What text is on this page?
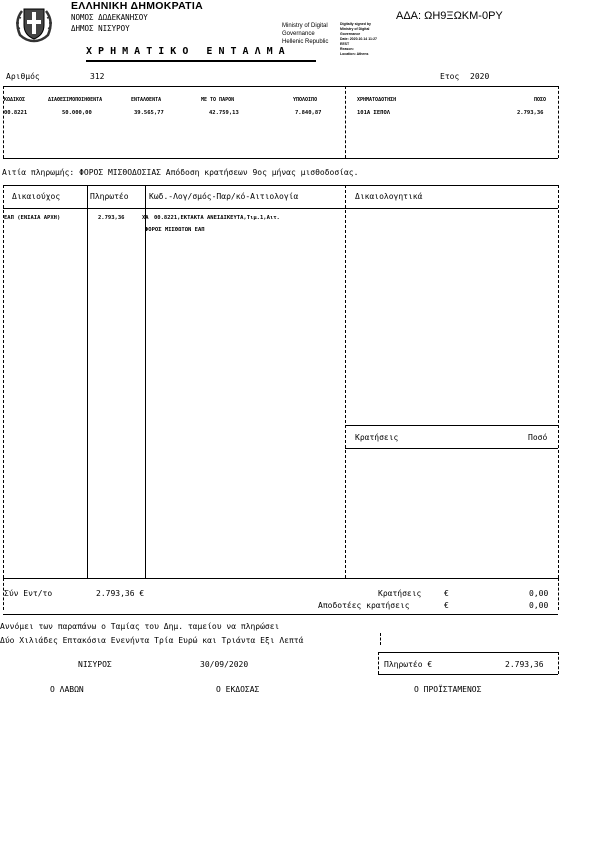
ΕΛΛΗΝΙΚΗ ΔΗΜΟΚΡΑΤΙΑ
ΝΟΜΟΣ ΔΩΔΕΚΑΝΗΣΟΥ
ΔΗΜΟΣ ΝΙΣΥΡΟΥ
Χ Ρ Η Μ Α Τ Ι Κ Ο   Ε Ν Τ Α Λ Μ Α
ΑΔΑ: ΩΗ9ΞΩΚΜ-0ΡΥ
Ministry of Digital
Governance
Hellenic Republic
Digitally signed by
Ministry of Digital
Governance
Date: 2020.10.14 11:27
EEST
Reason:
Location: Athens
Αριθμός	312	Ετος 2020
ΚΩΔΙΚΟΣ	ΔΙΑΘΕΣΙΜΟΠΟΙΗΘΕΝΤΑ	ΕΝΤΑΛΘΕΝΤΑ	ΜΕ ΤΟ ΠΑΡΟΝ	ΥΠΟΛΟΙΠΟ	ΧΡΗΜΑΤΟΔΟΤΗΣΗ	ΠΟΣΟ
00.8221	50.000,00	39.565,77	42.759,13	7.840,87	101Α ΣΕΠΟΛ	2.793,36
Αιτία πληρωμής: ΦΟΡΟΣ ΜΙΣΘΟΔΟΣΙΑΣ Απόδοση κρατήσεων 9ος μήνας μισθοδοσίας.
Δικαιούχος	Πληρωτέο	Κωδ.-Λογ/σμός-Παρ/κό-Αιτιολογία	Δικαιολογητικά
ΕΑΠ (ΕΝΙΑΙΑ ΑΡΧΗ)	2.793,36	ΧΑ 00.8221,ΕΚΤΑΚΤΑ ΑΝΕΙΔΙΚΕΥΤΑ,Τιμ.1,Αιτ.
ΦΟΡΟΣ ΜΙΣΘΩΤΩΝ ΕΑΠ
Κρατήσεις	Ποσό
Σύν Εντ/το	2.793,36 €	Κρατήσεις	€	0,00
Αποδοτέες κρατήσεις	€	0,00
Αννόμει των παραπάνω ο Ταμίας του Δημ. ταμείου να πληρώσει
Δύο Χιλιάδες Επτακόσια Ενενήντα Τρία Ευρώ και Τριάντα Εξι Λεπτά
ΝΙΣΥΡΟΣ	30/09/2020	Πληρωτέο €	2.793,36
Ο ΛΑΒΩΝ	Ο ΕΚΔΟΣΑΣ	Ο ΠΡΟΪΣΤΑΜΕΝΟΣ
